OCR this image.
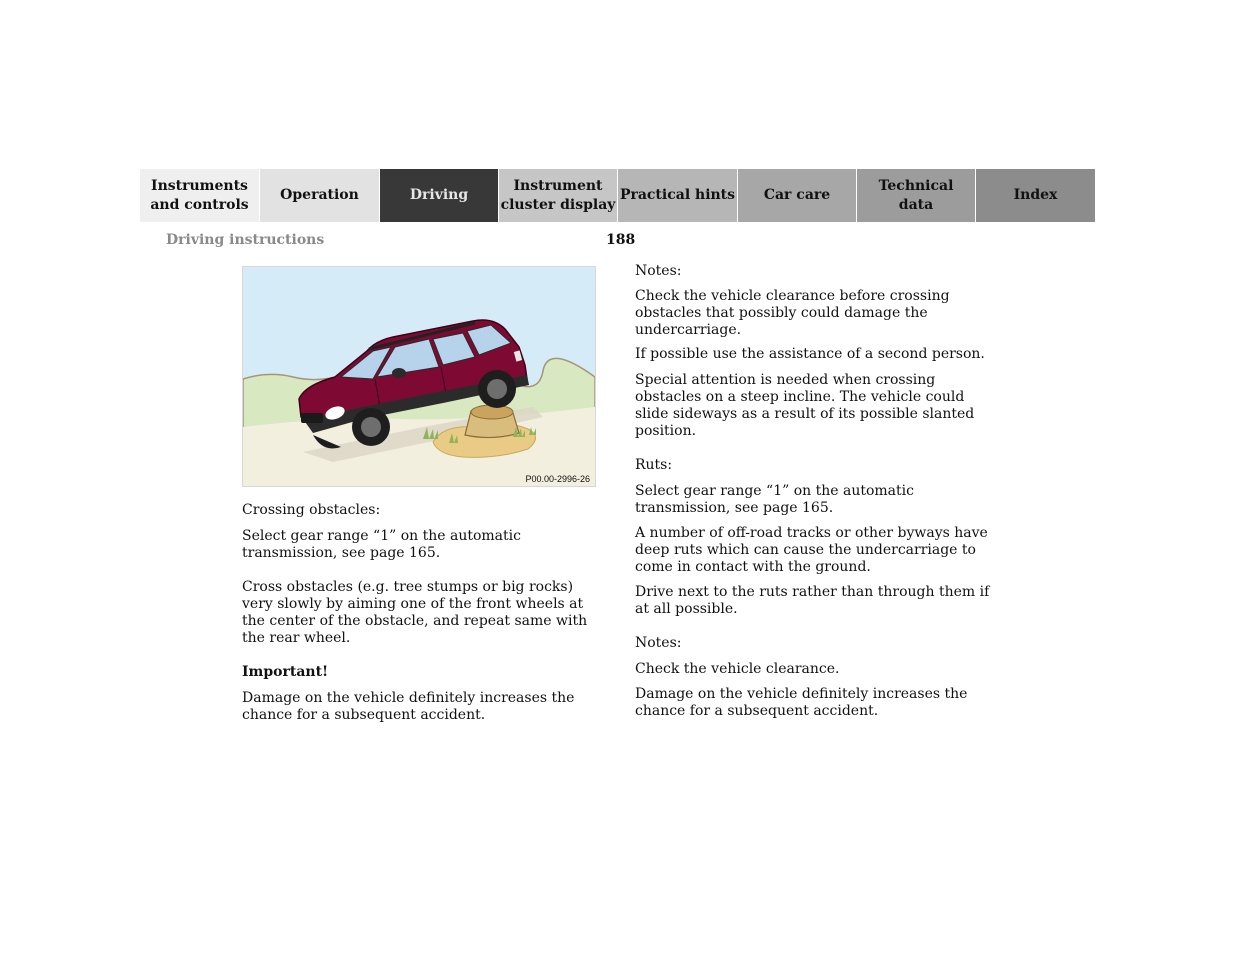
Instruments
and controls
Operation	Driving
Instrument
cluster display
Practical hints Car care
Technical
data
Index
Driving instructions	188
P00.00-2996-26

Crossing obstacles:

Select gear range “1” on the automatic transmission, see page 165.

Cross obstacles (e.g. tree stumps or big rocks) very slowly by aiming one of the front wheels at the center of the obstacle, and repeat same with the rear wheel.

Important!

Damage on the vehicle definitely increases the chance for a subsequent accident.

Notes:

Check the vehicle clearance before crossing obstacles that possibly could damage the undercarriage.

If possible use the assistance of a second person.

Special attention is needed when crossing obstacles on a steep incline. The vehicle could slide sideways as a result of its possible slanted position.

Ruts:

Select gear range “1” on the automatic transmission, see page 165.

A number of off-road tracks or other byways have deep ruts which can cause the undercarriage to come in contact with the ground.

Drive next to the ruts rather than through them if at all possible.

Notes:

Check the vehicle clearance.

Damage on the vehicle definitely increases the chance for a subsequent accident.
